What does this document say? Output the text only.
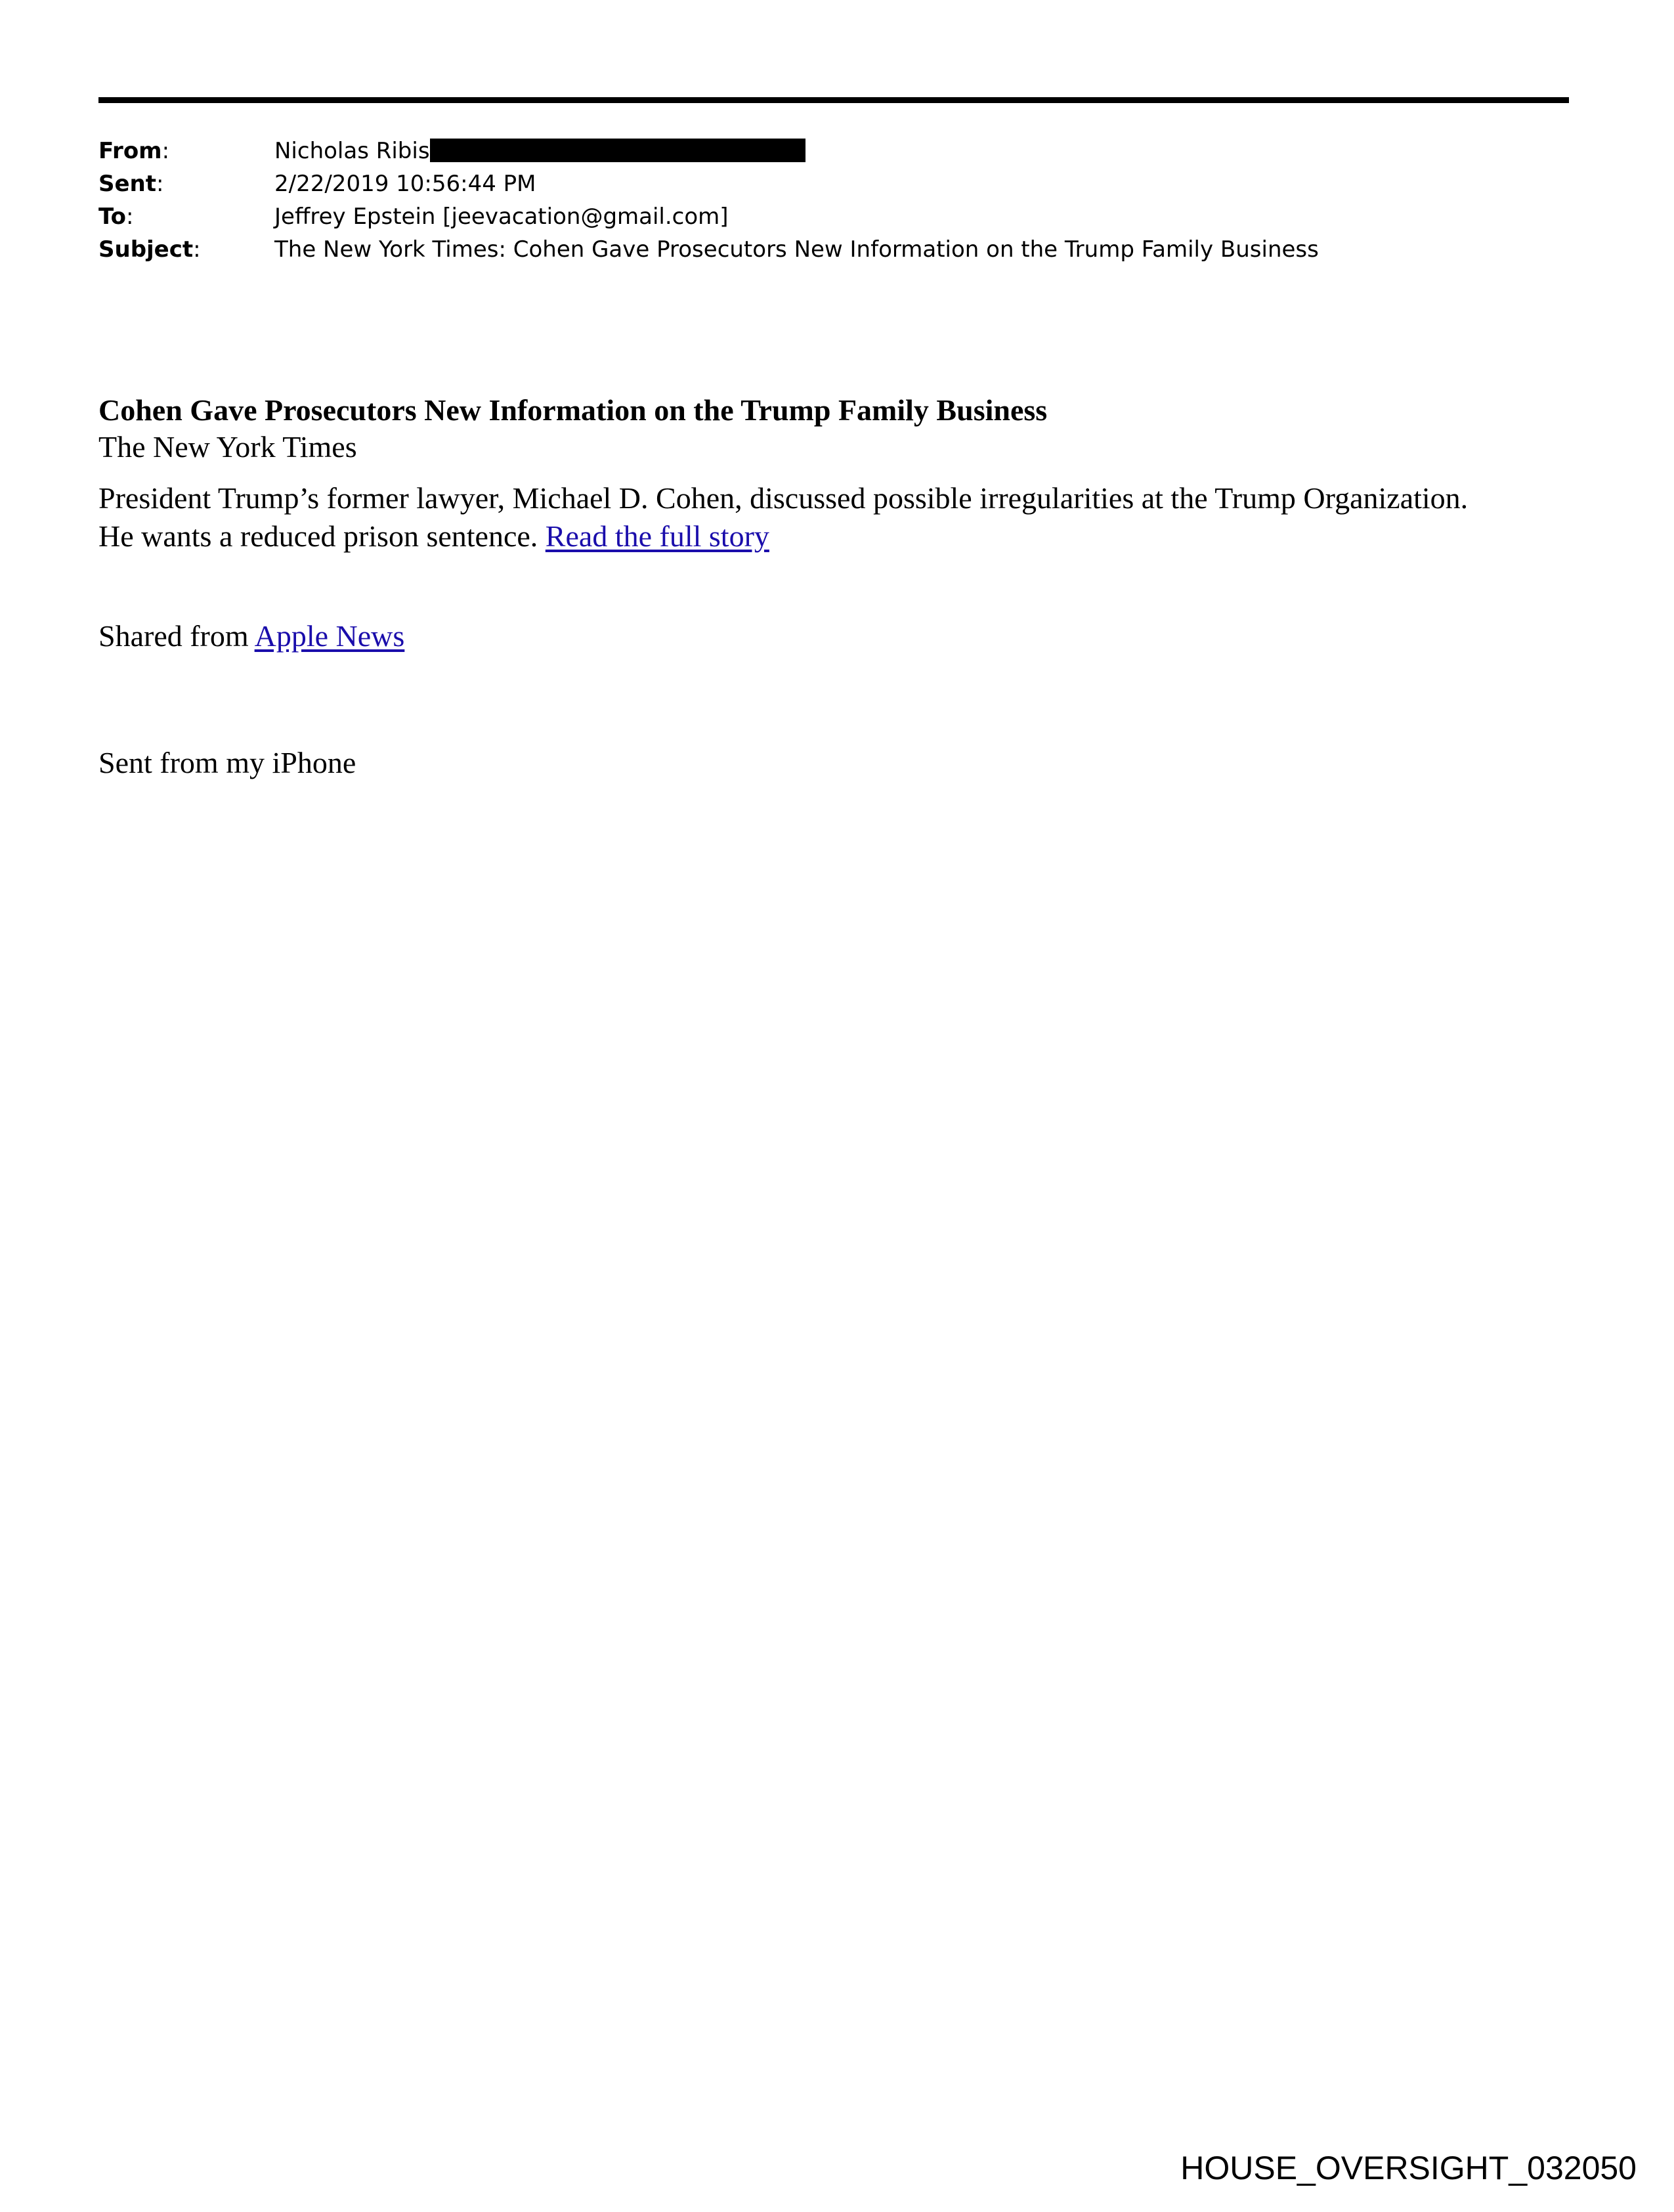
From:	Nicholas Ribis
Sent:	2/22/2019 10:56:44 PM
To:	Jeffrey Epstein [jeevacation@gmail.com]
Subject:	The New York Times: Cohen Gave Prosecutors New Information on the Trump Family Business
Cohen Gave Prosecutors New Information on the Trump Family Business
The New York Times
President Trump’s former lawyer, Michael D. Cohen, discussed possible irregularities at the Trump Organization. He wants a reduced prison sentence. Read the full story
Shared from Apple News
Sent from my iPhone
HOUSE_OVERSIGHT_032050
